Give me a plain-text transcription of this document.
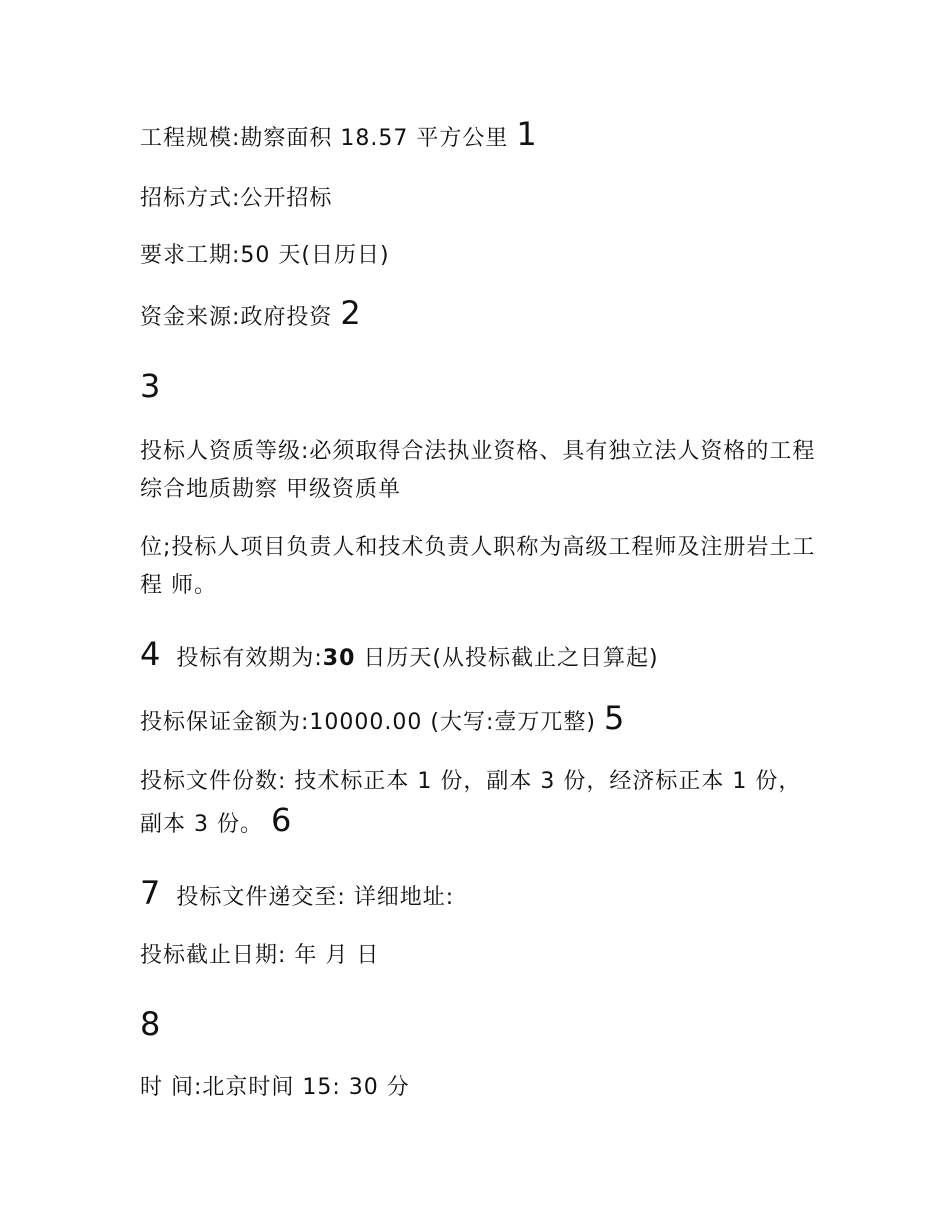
工程规模:勘察面积 18.57 平方公里 1
招标方式:公开招标
要求工期:50 天(日历日)
资金来源:政府投资 2
3
投标人资质等级:必须取得合法执业资格、具有独立法人资格的工程综合地质勘察 甲级资质单
位;投标人项目负责人和技术负责人职称为高级工程师及注册岩土工程 师。
4 投标有效期为:30 日历天(从投标截止之日算起)
投标保证金额为:10000.00 (大写:壹万兀整) 5
投标文件份数: 技术标正本 1 份，副本 3 份，经济标正本 1 份，副本 3 份。 6
7 投标文件递交至: 详细地址:
投标截止日期: 年 月 日
8
时 间:北京时间 15: 30 分
